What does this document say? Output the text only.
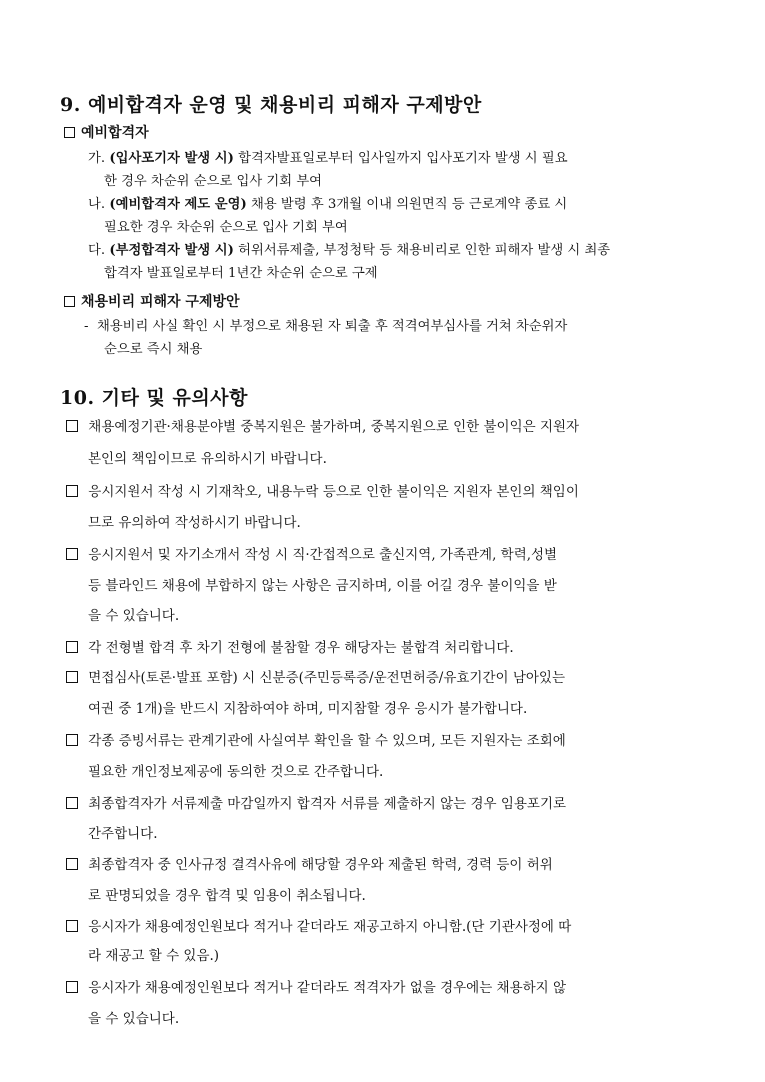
9. 예비합격자 운영 및 채용비리 피해자 구제방안
예비합격자
가. (입사포기자 발생 시) 합격자발표일로부터 입사일까지 입사포기자 발생 시 필요
한 경우 차순위 순으로 입사 기회 부여
나. (예비합격자 제도 운영) 채용 발령 후 3개월 이내 의원면직 등 근로계약 종료 시
필요한 경우 차순위 순으로 입사 기회 부여
다. (부정합격자 발생 시) 허위서류제출, 부정청탁 등 채용비리로 인한 피해자 발생 시 최종
합격자 발표일로부터 1년간 차순위 순으로 구제
채용비리 피해자 구제방안
- 채용비리 사실 확인 시 부정으로 채용된 자 퇴출 후 적격여부심사를 거쳐 차순위자
순으로 즉시 채용
10. 기타 및 유의사항
채용예정기관·채용분야별 중복지원은 불가하며, 중복지원으로 인한 불이익은 지원자
본인의 책임이므로 유의하시기 바랍니다.
응시지원서 작성 시 기재착오, 내용누락 등으로 인한 불이익은 지원자 본인의 책임이
므로 유의하여 작성하시기 바랍니다.
응시지원서 및 자기소개서 작성 시 직·간접적으로 출신지역, 가족관계, 학력,성별
등 블라인드 채용에 부합하지 않는 사항은 금지하며, 이를 어길 경우 불이익을 받
을 수 있습니다.
각 전형별 합격 후 차기 전형에 불참할 경우 해당자는 불합격 처리합니다.
면접심사(토론·발표 포함) 시 신분증(주민등록증/운전면허증/유효기간이 남아있는
여권 중 1개)을 반드시 지참하여야 하며, 미지참할 경우 응시가 불가합니다.
각종 증빙서류는 관계기관에 사실여부 확인을 할 수 있으며, 모든 지원자는 조회에
필요한 개인정보제공에 동의한 것으로 간주합니다.
최종합격자가 서류제출 마감일까지 합격자 서류를 제출하지 않는 경우 임용포기로
간주합니다.
최종합격자 중 인사규정 결격사유에 해당할 경우와 제출된 학력, 경력 등이 허위
로 판명되었을 경우 합격 및 임용이 취소됩니다.
응시자가 채용예정인원보다 적거나 같더라도 재공고하지 아니함.(단 기관사정에 따
라 재공고 할 수 있음.)
응시자가 채용예정인원보다 적거나 같더라도 적격자가 없을 경우에는 채용하지 않
을 수 있습니다.
